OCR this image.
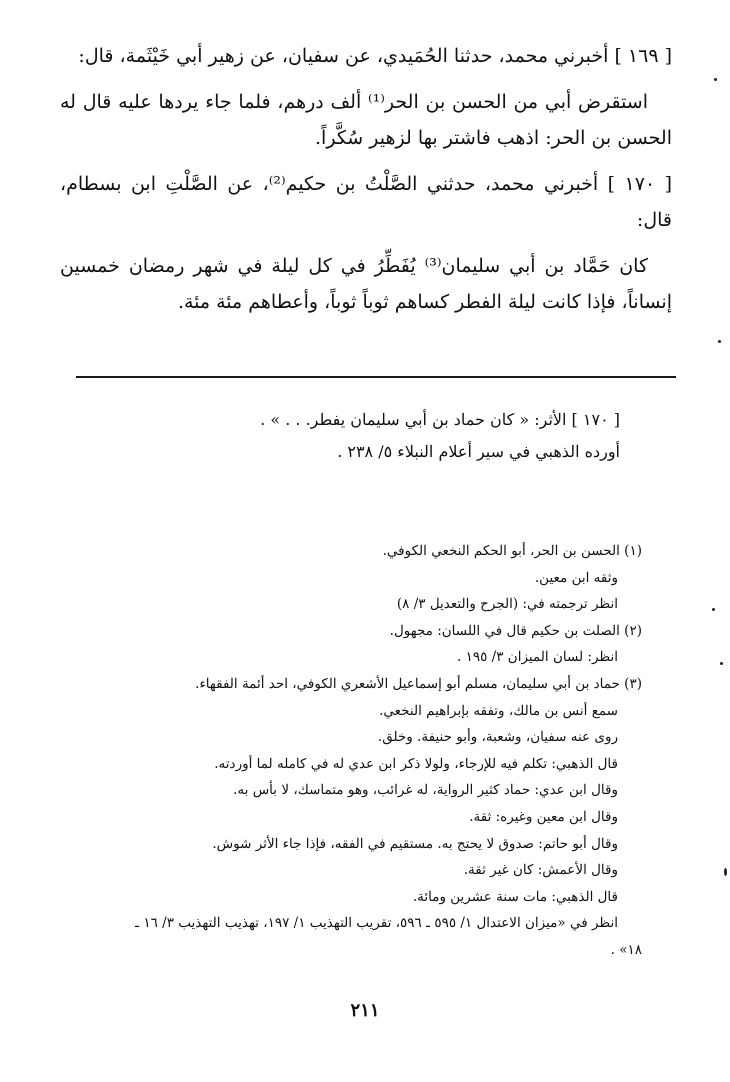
[ ١٦٩ ] أخبرني محمد، حدثنا الحُمَيدي، عن سفيان، عن زهير أبي خَيْثَمة، قال:

استقرض أبي من الحسن بن الحر⁽¹⁾ ألف درهم، فلما جاء يردها عليه قال له الحسن بن الحر: اذهب فاشتر بها لزهير سُكَّراً.

[ ١٧٠ ] أخبرني محمد، حدثني الصَّلْتُ بن حكيم⁽²⁾، عن الصَّلْتِ ابن بسطام، قال:

كان حَمَّاد بن أبي سليمان⁽³⁾ يُفَطِّرُ في كل ليلة في شهر رمضان خمسين إنساناً، فإذا كانت ليلة الفطر كساهم ثوباً ثوباً، وأعطاهم مئة مئة.

[ ١٧٠ ] الأثر: « كان حماد بن أبي سليمان يفطر. . . » .

أورده الذهبي في سير أعلام النبلاء ٥/ ٢٣٨ .

(١) الحسن بن الحر، أبو الحكم النخعي الكوفي.

وثقه ابن معين.

انظر ترجمته في: (الجرح والتعديل ٣/ ٨)

(٢) الصلت بن حكيم قال في اللسان: مجهول.

انظر: لسان الميزان ٣/ ١٩٥ .

(٣) حماد بن أبي سليمان، مسلم أبو إسماعيل الأشعري الكوفي، احد أئمة الفقهاء.

سمع أنس بن مالك، وتفقه بإبراهيم النخعي.

روى عنه سفيان، وشعبة، وأبو حنيفة. وخلق.

قال الذهبي: تكلم فيه للإرجاء، ولولا ذكر ابن عدي له في كامله لما أوردته.

وقال ابن عدي: حماد كثير الرواية، له غرائب، وهو متماسك، لا بأس به.

وقال ابن معين وغيره: ثقة.

وقال أبو حاتم: صدوق لا يحتج به. مستقيم في الفقه، فإذا جاء الأثر شوش.

وقال الأعمش: كان غير ثقة.

قال الذهبي: مات سنة عشرين ومائة.

انظر في «ميزان الاعتدال ١/ ٥٩٥ ـ ٥٩٦، تقريب التهذيب ١/ ١٩٧، تهذيب التهذيب ٣/ ١٦ ـ

١٨» .

٢١١
